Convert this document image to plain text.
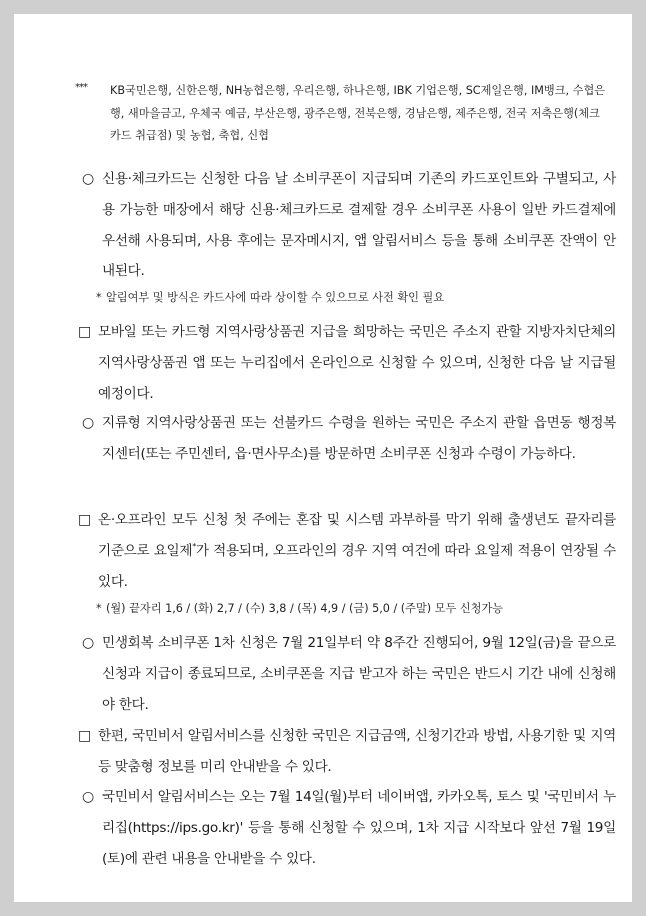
***	KB국민은행, 신한은행, NH농협은행, 우리은행, 하나은행, IBK 기업은행, SC제일은행, IM뱅크, 수협은행, 새마을금고, 우체국 예금, 부산은행, 광주은행, 전북은행, 경남은행, 제주은행, 전국 저축은행(체크카드 취급점) 및 농협, 축협, 신협
○ 신용·체크카드는 신청한 다음 날 소비쿠폰이 지급되며 기존의 카드포인트와 구별되고, 사용 가능한 매장에서 해당 신용·체크카드로 결제할 경우 소비쿠폰 사용이 일반 카드결제에 우선해 사용되며, 사용 후에는 문자메시지, 앱 알림서비스 등을 통해 소비쿠폰 잔액이 안내된다.
* 알림여부 및 방식은 카드사에 따라 상이할 수 있으므로 사전 확인 필요
□ 모바일 또는 카드형 지역사랑상품권 지급을 희망하는 국민은 주소지 관할 지방자치단체의 지역사랑상품권 앱 또는 누리집에서 온라인으로 신청할 수 있으며, 신청한 다음 날 지급될 예정이다.
○ 지류형 지역사랑상품권 또는 선불카드 수령을 원하는 국민은 주소지 관할 읍면동 행정복지센터(또는 주민센터, 읍·면사무소)를 방문하면 소비쿠폰 신청과 수령이 가능하다.
□ 온·오프라인 모두 신청 첫 주에는 혼잡 및 시스템 과부하를 막기 위해 출생년도 끝자리를 기준으로 요일제*가 적용되며, 오프라인의 경우 지역 여건에 따라 요일제 적용이 연장될 수 있다.
* (월) 끝자리 1,6 / (화) 2,7 / (수) 3,8 / (목) 4,9 / (금) 5,0 / (주말) 모두 신청가능
○ 민생회복 소비쿠폰 1차 신청은 7월 21일부터 약 8주간 진행되어, 9월 12일(금)을 끝으로 신청과 지급이 종료되므로, 소비쿠폰을 지급 받고자 하는 국민은 반드시 기간 내에 신청해야 한다.
□ 한편, 국민비서 알림서비스를 신청한 국민은 지급금액, 신청기간과 방법, 사용기한 및 지역 등 맞춤형 정보를 미리 안내받을 수 있다.
○ 국민비서 알림서비스는 오는 7월 14일(월)부터 네이버앱, 카카오톡, 토스 및 '국민비서 누리집(https://ips.go.kr)' 등을 통해 신청할 수 있으며, 1차 지급 시작보다 앞선 7월 19일(토)에 관련 내용을 안내받을 수 있다.
